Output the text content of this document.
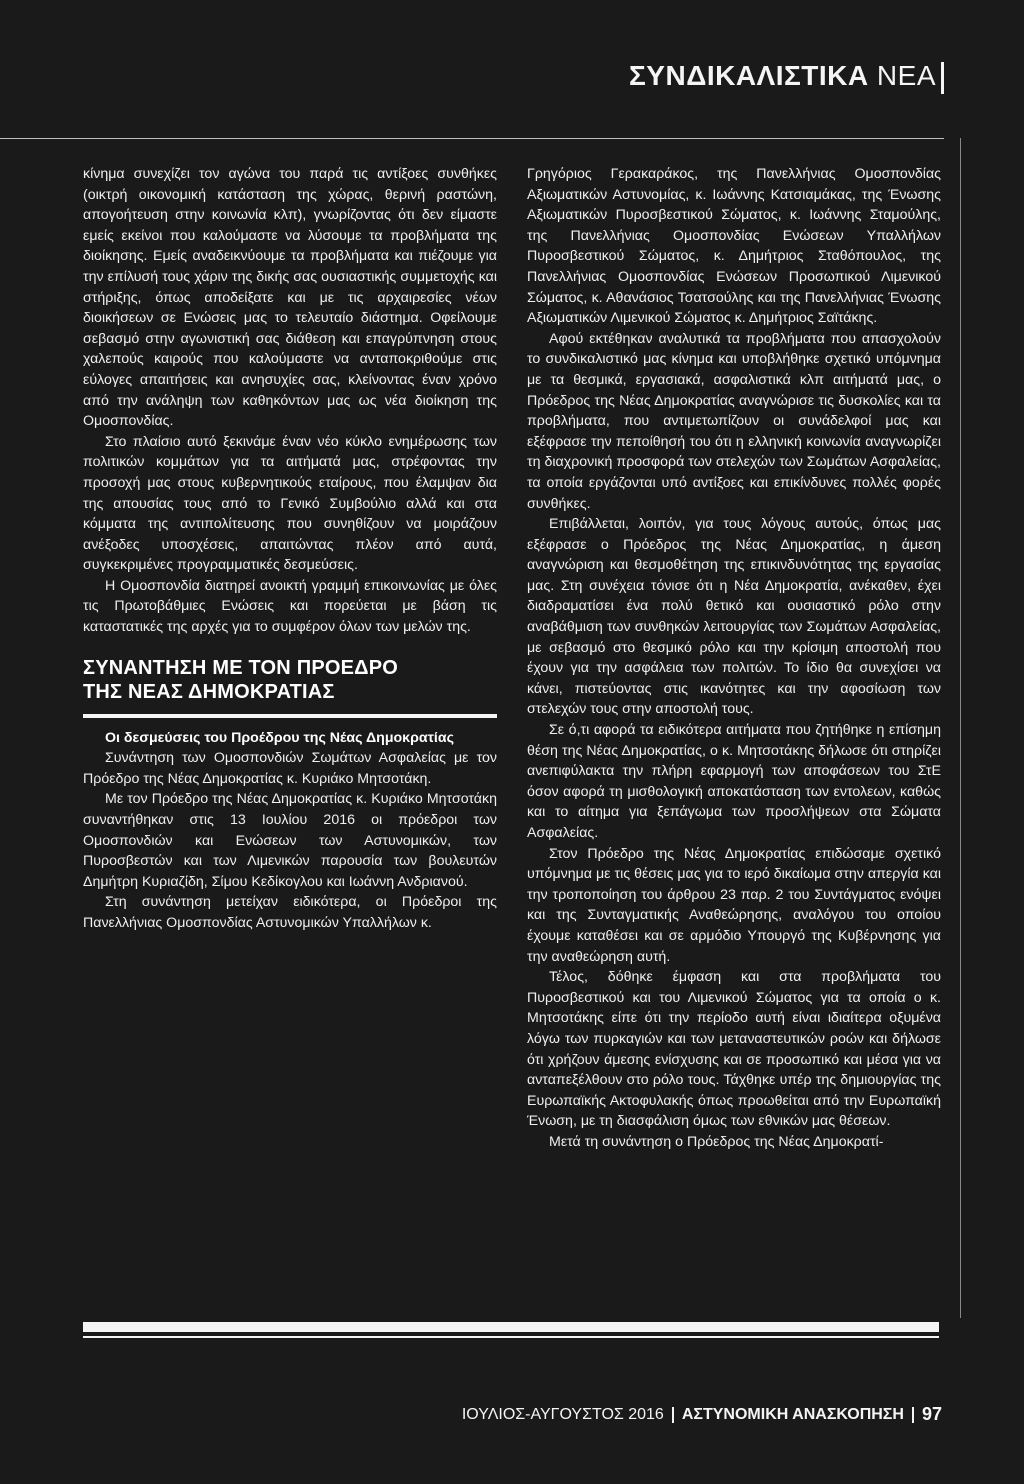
ΣΥΝΔΙΚΑΛΙΣΤΙΚΑ ΝΕΑ

κίνημα συνεχίζει τον αγώνα του παρά τις αντίξοες συνθήκες (οικτρή οικονομική κατάσταση της χώρας, θερινή ραστώνη, απογοήτευση στην κοινωνία κλπ), γνωρίζοντας ότι δεν είμαστε εμείς εκείνοι που καλούμαστε να λύσουμε τα προβλήματα της διοίκησης. Εμείς αναδεικνύουμε τα προβλήματα και πιέζουμε για την επίλυσή τους χάριν της δικής σας ουσιαστικής συμμετοχής και στήριξης, όπως αποδείξατε και με τις αρχαιρεσίες νέων διοικήσεων σε Ενώσεις μας το τελευταίο διάστημα. Οφείλουμε σεβασμό στην αγωνιστική σας διάθεση και επαγρύπνηση στους χαλεπούς καιρούς που καλούμαστε να ανταποκριθούμε στις εύλογες απαιτήσεις και ανησυχίες σας, κλείνοντας έναν χρόνο από την ανάληψη των καθηκόντων μας ως νέα διοίκηση της Ομοσπονδίας.

Στο πλαίσιο αυτό ξεκινάμε έναν νέο κύκλο ενημέρωσης των πολιτικών κομμάτων για τα αιτήματά μας, στρέφοντας την προσοχή μας στους κυβερνητικούς εταίρους, που έλαμψαν δια της απουσίας τους από το Γενικό Συμβούλιο αλλά και στα κόμματα της αντιπολίτευσης που συνηθίζουν να μοιράζουν ανέξοδες υποσχέσεις, απαιτώντας πλέον από αυτά, συγκεκριμένες προγραμματικές δεσμεύσεις.

Η Ομοσπονδία διατηρεί ανοικτή γραμμή επικοινωνίας με όλες τις Πρωτοβάθμιες Ενώσεις και πορεύεται με βάση τις καταστατικές της αρχές για το συμφέρον όλων των μελών της.

ΣΥΝΑΝΤΗΣΗ ΜΕ ΤΟΝ ΠΡΟΕΔΡΟ
ΤΗΣ ΝΕΑΣ ΔΗΜΟΚΡΑΤΙΑΣ

Οι δεσμεύσεις του Προέδρου της Νέας Δημοκρατίας

Συνάντηση των Ομοσπονδιών Σωμάτων Ασφαλείας με τον Πρόεδρο της Νέας Δημοκρατίας κ. Κυριάκο Μητσοτάκη.

Με τον Πρόεδρο της Νέας Δημοκρατίας κ. Κυριάκο Μητσοτάκη συναντήθηκαν στις 13 Ιουλίου 2016 οι πρόεδροι των Ομοσπονδιών και Ενώσεων των Αστυνομικών, των Πυροσβεστών και των Λιμενικών παρουσία των βουλευτών Δημήτρη Κυριαζίδη, Σίμου Κεδίκογλου και Ιωάννη Ανδριανού.

Στη συνάντηση μετείχαν ειδικότερα, οι Πρόεδροι της Πανελλήνιας Ομοσπονδίας Αστυνομικών Υπαλλήλων κ.

Γρηγόριος Γερακαράκος, της Πανελλήνιας Ομοσπονδίας Αξιωματικών Αστυνομίας, κ. Ιωάννης Κατσιαμάκας, της Ένωσης Αξιωματικών Πυροσβεστικού Σώματος, κ. Ιωάννης Σταμούλης, της Πανελλήνιας Ομοσπονδίας Ενώσεων Υπαλλήλων Πυροσβεστικού Σώματος, κ. Δημήτριος Σταθόπουλος, της Πανελλήνιας Ομοσπονδίας Ενώσεων Προσωπικού Λιμενικού Σώματος, κ. Αθανάσιος Τσατσούλης και της Πανελλήνιας Ένωσης Αξιωματικών Λιμενικού Σώματος κ. Δημήτριος Σαϊτάκης.

Αφού εκτέθηκαν αναλυτικά τα προβλήματα που απασχολούν το συνδικαλιστικό μας κίνημα και υποβλήθηκε σχετικό υπόμνημα με τα θεσμικά, εργασιακά, ασφαλιστικά κλπ αιτήματά μας, ο Πρόεδρος της Νέας Δημοκρατίας αναγνώρισε τις δυσκολίες και τα προβλήματα, που αντιμετωπίζουν οι συνάδελφοί μας και εξέφρασε την πεποίθησή του ότι η ελληνική κοινωνία αναγνωρίζει τη διαχρονική προσφορά των στελεχών των Σωμάτων Ασφαλείας, τα οποία εργάζονται υπό αντίξοες και επικίνδυνες πολλές φορές συνθήκες.

Επιβάλλεται, λοιπόν, για τους λόγους αυτούς, όπως μας εξέφρασε ο Πρόεδρος της Νέας Δημοκρατίας, η άμεση αναγνώριση και θεσμοθέτηση της επικινδυνότητας της εργασίας μας. Στη συνέχεια τόνισε ότι η Νέα Δημοκρατία, ανέκαθεν, έχει διαδραματίσει ένα πολύ θετικό και ουσιαστικό ρόλο στην αναβάθμιση των συνθηκών λειτουργίας των Σωμάτων Ασφαλείας, με σεβασμό στο θεσμικό ρόλο και την κρίσιμη αποστολή που έχουν για την ασφάλεια των πολιτών. Το ίδιο θα συνεχίσει να κάνει, πιστεύοντας στις ικανότητες και την αφοσίωση των στελεχών τους στην αποστολή τους.

Σε ό,τι αφορά τα ειδικότερα αιτήματα που ζητήθηκε η επίσημη θέση της Νέας Δημοκρατίας, ο κ. Μητσοτάκης δήλωσε ότι στηρίζει ανεπιφύλακτα την πλήρη εφαρμογή των αποφάσεων του ΣτΕ όσον αφορά τη μισθολογική αποκατάσταση των εντολεων, καθώς και το αίτημα για ξεπάγωμα των προσλήψεων στα Σώματα Ασφαλείας.

Στον Πρόεδρο της Νέας Δημοκρατίας επιδώσαμε σχετικό υπόμνημα με τις θέσεις μας για το ιερό δικαίωμα στην απεργία και την τροποποίηση του άρθρου 23 παρ. 2 του Συντάγματος ενόψει και της Συνταγματικής Αναθεώρησης, αναλόγου του οποίου έχουμε καταθέσει και σε αρμόδιο Υπουργό της Κυβέρνησης για την αναθεώρηση αυτή.

Τέλος, δόθηκε έμφαση και στα προβλήματα του Πυροσβεστικού και του Λιμενικού Σώματος για τα οποία ο κ. Μητσοτάκης είπε ότι την περίοδο αυτή είναι ιδιαίτερα οξυμένα λόγω των πυρκαγιών και των μεταναστευτικών ροών και δήλωσε ότι χρήζουν άμεσης ενίσχυσης και σε προσωπικό και μέσα για να ανταπεξέλθουν στο ρόλο τους. Τάχθηκε υπέρ της δημιουργίας της Ευρωπαϊκής Ακτοφυλακής όπως προωθείται από την Ευρωπαϊκή Ένωση, με τη διασφάλιση όμως των εθνικών μας θέσεων.

Μετά τη συνάντηση ο Πρόεδρος της Νέας Δημοκρατί-

ΙΟΥΛΙΟΣ-ΑΥΓΟΥΣΤΟΣ 2016 ΑΣΤΥΝΟΜΙΚΗ ΑΝΑΣΚΟΠΗΣΗ 97
